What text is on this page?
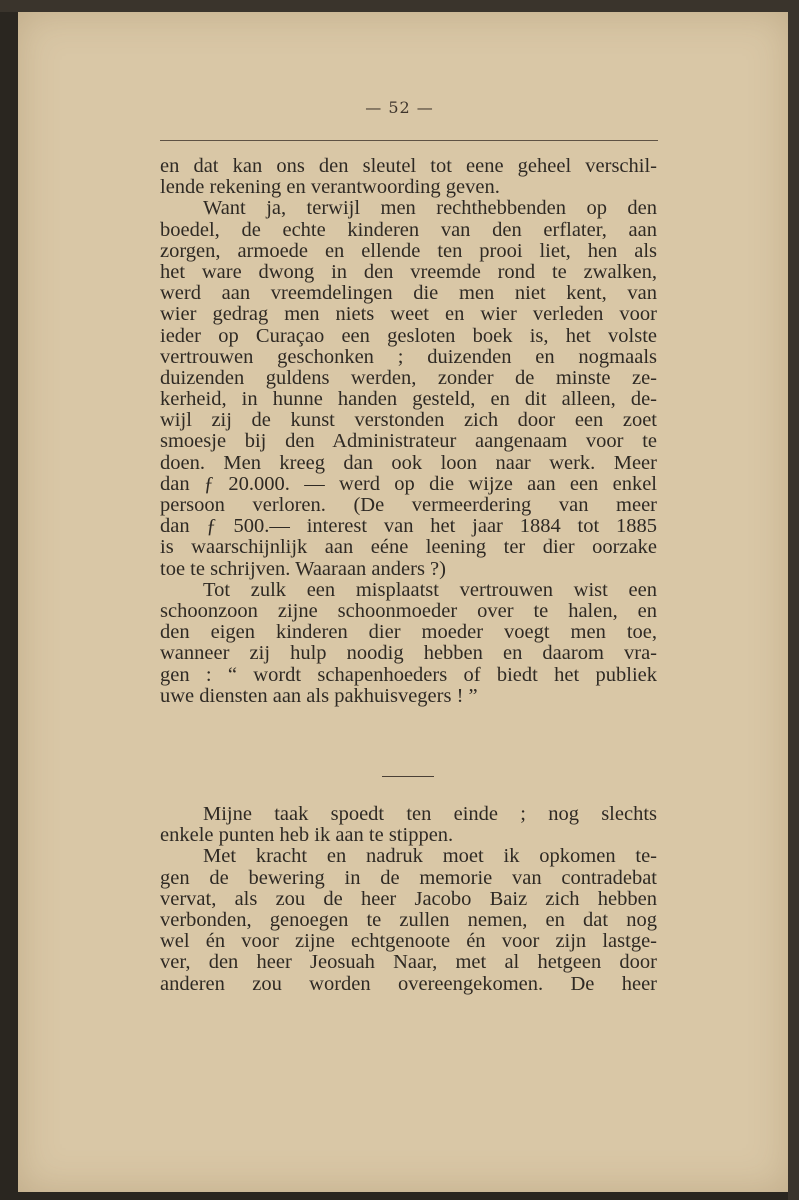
— 52 —
en dat kan ons den sleutel tot eene geheel verschil-
lende rekening en verantwoording geven.
Want ja, terwijl men rechthebbenden op den
boedel, de echte kinderen van den erflater, aan
zorgen, armoede en ellende ten prooi liet, hen als
het ware dwong in den vreemde rond te zwalken,
werd aan vreemdelingen die men niet kent, van
wier gedrag men niets weet en wier verleden voor
ieder op Curaçao een gesloten boek is, het volste
vertrouwen geschonken ; duizenden en nogmaals
duizenden guldens werden, zonder de minste ze-
kerheid, in hunne handen gesteld, en dit alleen, de-
wijl zij de kunst verstonden zich door een zoet
smoesje bij den Administrateur aangenaam voor te
doen. Men kreeg dan ook loon naar werk. Meer
dan ƒ 20.000. — werd op die wijze aan een enkel
persoon verloren. (De vermeerdering van meer
dan ƒ 500.— interest van het jaar 1884 tot 1885
is waarschijnlijk aan eéne leening ter dier oorzake
toe te schrijven. Waaraan anders ?)
Tot zulk een misplaatst vertrouwen wist een
schoonzoon zijne schoonmoeder over te halen, en
den eigen kinderen dier moeder voegt men toe,
wanneer zij hulp noodig hebben en daarom vra-
gen : “ wordt schapenhoeders of biedt het publiek
uwe diensten aan als pakhuisvegers ! ”
Mijne taak spoedt ten einde ; nog slechts
enkele punten heb ik aan te stippen.
Met kracht en nadruk moet ik opkomen te-
gen de bewering in de memorie van contradebat
vervat, als zou de heer Jacobo Baiz zich hebben
verbonden, genoegen te zullen nemen, en dat nog
wel én voor zijne echtgenoote én voor zijn lastge-
ver, den heer Jeosuah Naar, met al hetgeen door
anderen zou worden overeengekomen. De heer
